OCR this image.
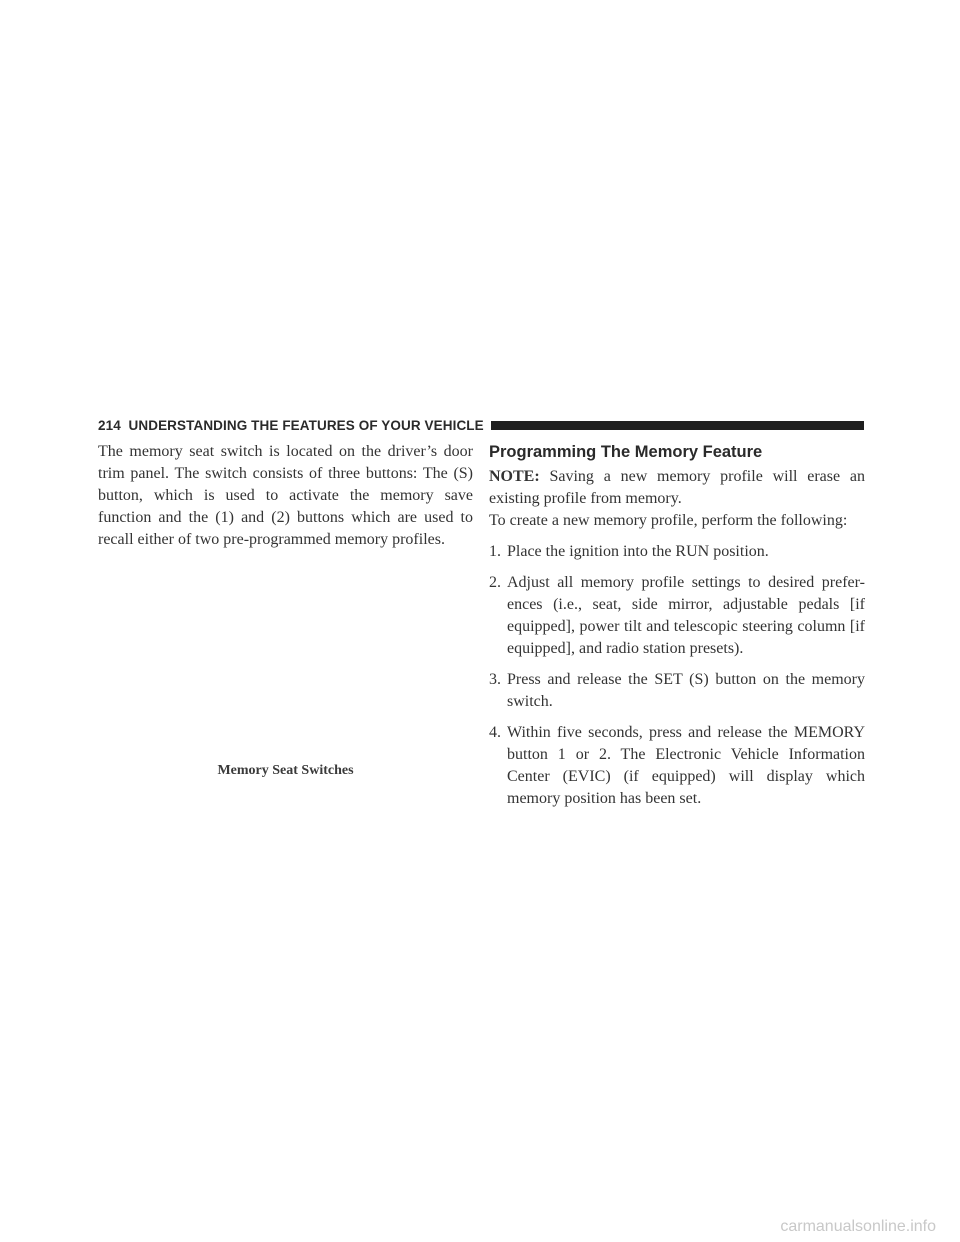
214 UNDERSTANDING THE FEATURES OF YOUR VEHICLE

The memory seat switch is located on the driver’s door trim panel. The switch consists of three buttons: The (S) button, which is used to activate the memory save function and the (1) and (2) buttons which are used to recall either of two pre-programmed memory profiles.

Memory Seat Switches
Programming The Memory Feature

NOTE: Saving a new memory profile will erase an existing profile from memory.

To create a new memory profile, perform the following:

1. Place the ignition into the RUN position.
2. Adjust all memory profile settings to desired prefer-ences (i.e., seat, side mirror, adjustable pedals [if equipped], power tilt and telescopic steering column [if equipped], and radio station presets).
3. Press and release the SET (S) button on the memory switch.
4. Within five seconds, press and release the MEMORY button 1 or 2. The Electronic Vehicle Information Center (EVIC) (if equipped) will display which memory position has been set.
carmanualsonline.info
